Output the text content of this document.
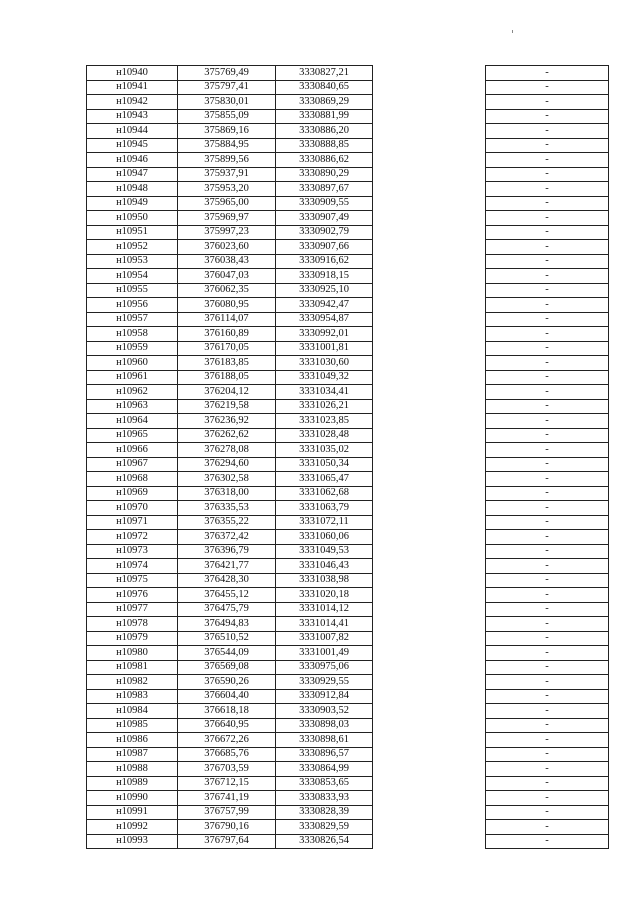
н10940	375769,49	3330827,21		-
н10941	375797,41	3330840,65		-
н10942	375830,01	3330869,29		-
н10943	375855,09	3330881,99		-
н10944	375869,16	3330886,20		-
н10945	375884,95	3330888,85		-
н10946	375899,56	3330886,62		-
н10947	375937,91	3330890,29		-
н10948	375953,20	3330897,67		-
н10949	375965,00	3330909,55		-
н10950	375969,97	3330907,49		-
н10951	375997,23	3330902,79		-
н10952	376023,60	3330907,66		-
н10953	376038,43	3330916,62		-
н10954	376047,03	3330918,15		-
н10955	376062,35	3330925,10		-
н10956	376080,95	3330942,47		-
н10957	376114,07	3330954,87		-
н10958	376160,89	3330992,01		-
н10959	376170,05	3331001,81		-
н10960	376183,85	3331030,60		-
н10961	376188,05	3331049,32		-
н10962	376204,12	3331034,41		-
н10963	376219,58	3331026,21		-
н10964	376236,92	3331023,85		-
н10965	376262,62	3331028,48		-
н10966	376278,08	3331035,02		-
н10967	376294,60	3331050,34		-
н10968	376302,58	3331065,47		-
н10969	376318,00	3331062,68		-
н10970	376335,53	3331063,79		-
н10971	376355,22	3331072,11		-
н10972	376372,42	3331060,06		-
н10973	376396,79	3331049,53		-
н10974	376421,77	3331046,43		-
н10975	376428,30	3331038,98		-
н10976	376455,12	3331020,18		-
н10977	376475,79	3331014,12		-
н10978	376494,83	3331014,41		-
н10979	376510,52	3331007,82		-
н10980	376544,09	3331001,49		-
н10981	376569,08	3330975,06		-
н10982	376590,26	3330929,55		-
н10983	376604,40	3330912,84		-
н10984	376618,18	3330903,52		-
н10985	376640,95	3330898,03		-
н10986	376672,26	3330898,61		-
н10987	376685,76	3330896,57		-
н10988	376703,59	3330864,99		-
н10989	376712,15	3330853,65		-
н10990	376741,19	3330833,93		-
н10991	376757,99	3330828,39		-
н10992	376790,16	3330829,59		-
н10993	376797,64	3330826,54		-
